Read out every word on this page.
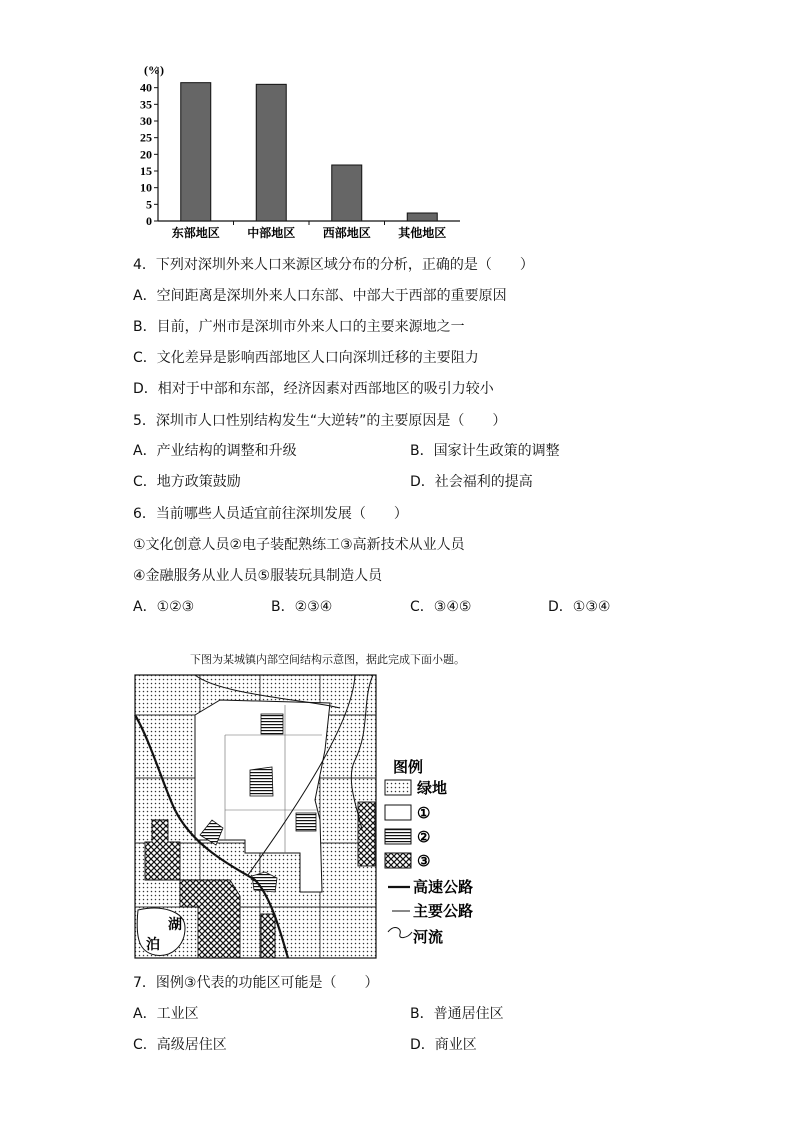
(%)
0
5
10
15
20
25
30
35
40
东部地区 中部地区 西部地区 其他地区
4．下列对深圳外来人口来源区域分布的分析，正确的是（　　）
A．空间距离是深圳外来人口东部、中部大于西部的重要原因
B．目前，广州市是深圳市外来人口的主要来源地之一
C．文化差异是影响西部地区人口向深圳迁移的主要阻力
D．相对于中部和东部，经济因素对西部地区的吸引力较小
5．深圳市人口性别结构发生“大逆转”的主要原因是（　　）
A．产业结构的调整和升级	B．国家计生政策的调整
C．地方政策鼓励	D．社会福利的提高
6．当前哪些人员适宜前往深圳发展（　　）
①文化创意人员②电子装配熟练工③高新技术从业人员
④金融服务从业人员⑤服装玩具制造人员
A．①②③	B．②③④	C．③④⑤	D．①③④
下图为某城镇内部空间结构示意图，据此完成下面小题。
湖
泊
图例
绿地
①
②
③
高速公路
主要公路
河流
7．图例③代表的功能区可能是（　　）
A．工业区	B．普通居住区
C．高级居住区	D．商业区
